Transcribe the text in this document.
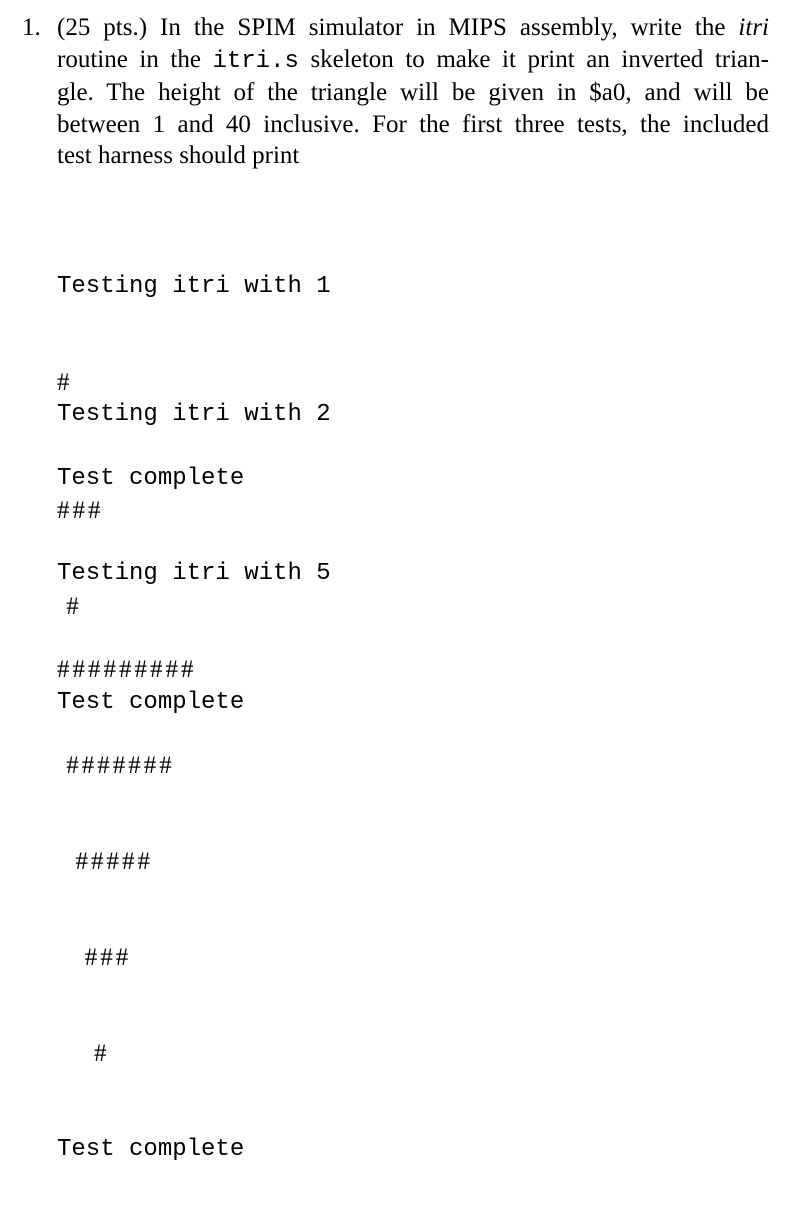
1. (25 pts.) In the SPIM simulator in MIPS assembly, write the itri
routine in the itri.s skeleton to make it print an inverted trian-
gle. The height of the triangle will be given in $a0, and will be
between 1 and 40 inclusive. For the first three tests, the included
test harness should print

Testing itri with 1

#

Test complete

Testing itri with 2

###

#

Test complete

Testing itri with 5

#########

#######

#####

###

#

Test complete
